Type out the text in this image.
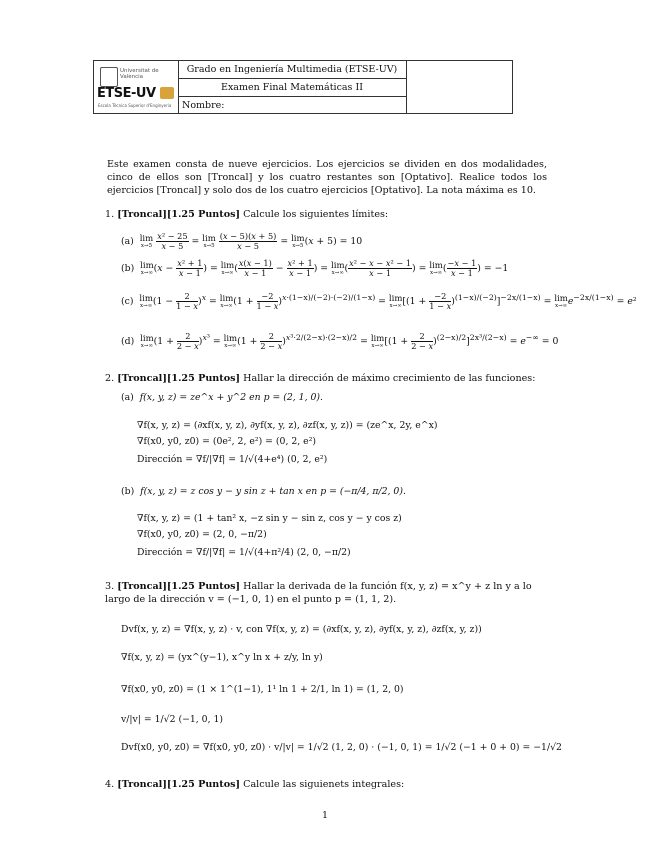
Universitat de València
ETSE-UV
Escola Tècnica Superior d'Enginyeria
Grado en Ingeniería Multimedia (ETSE-UV)
Examen Final Matemáticas II
Nombre:
Este examen consta de nueve ejercicios. Los ejercicios se dividen en dos modalidades, cinco de ellos son [Troncal] y los cuatro restantes son [Optativo]. Realice todos los ejercicios [Troncal] y solo dos de los cuatro ejercicios [Optativo]. La nota máxima es 10.
1. [Troncal][1.25 Puntos] Calcule los siguientes límites:
(a) lim
x→5
$\frac{\text{x² − 25}}{x - 5} = \lim$
x→5
$\frac{(x - 5)(x + 5)}{x - 5} = \lim$
x→5 (x + 5) = 10
(b) lim
x→∞ ($x - \frac{\text{x² + 1}}{x - 1}$ ) = lim
x→∞ ( $\frac{x(x - 1)}{x - 1} - \frac{\text{x² + 1}}{x - 1}$ ) = lim
x→∞ ( $\frac{\text{x² − x − x² − 1}}{x - 1}$ ) = lim
x→∞ ( $\frac{-x - 1}{x - 1}$ ) = −1
(c) lim
x→∞ $(1 - \frac{2}{1 - x} )^x = \lim$
x→∞ $(1 + \frac{-2}{1 - x} )^{x\cdot(1-x)/(-2)\cdot(-2)/(1-x)} = \lim$
x→∞ $[(1 + \frac{-2}{1 - x} )^{(1-x)/(-2)}]^{-2x/(1-x)} = \lim$
x→∞ $e^{-2x/(1-x)} = e^2$
(d) lim
x→∞ $(1 + \frac{2}{2 - x} )^{x^3} = \lim$
x→∞ $(1 + \frac{2}{2 - x} )^{x^3\cdot 2/(2-x)\cdot(2-x)/2} = \lim$
x→∞ $[(1 + \frac{2}{2 - x} )^{(2-x)/2}]^{2x^3/(2-x)} = e^{-\infty} = 0$
2. [Troncal][1.25 Puntos] Hallar la dirección de máximo crecimiento de las funciones:
(a) f(x, y, z) = ze^x + y^2 en p = (2, 1, 0).
∇f(x, y, z) = (∂xf(x, y, z), ∂yf(x, y, z), ∂zf(x, y, z)) = (ze^x, 2y, e^x)
∇f(x0, y0, z0) = (0e², 2, e²) = (0, 2, e²)
Dirección = ∇f/|∇f| = 1/√(4+e⁴) (0, 2, e²)
(b) f(x, y, z) = z cos y − y sin z + tan x en p = (−π/4, π/2, 0).
∇f(x, y, z) = (1 + tan² x, −z sin y − sin z, cos y − y cos z)
∇f(x0, y0, z0) = (2, 0, −π/2)
Dirección = ∇f/|∇f| = 1/√(4+π²/4) (2, 0, −π/2)
3. [Troncal][1.25 Puntos] Hallar la derivada de la función f(x, y, z) = x^y + z ln y a lo largo de la dirección v = (−1, 0, 1) en el punto p = (1, 1, 2).
Dvf(x, y, z) = ∇f(x, y, z) · v, con ∇f(x, y, z) = (∂xf(x, y, z), ∂yf(x, y, z), ∂zf(x, y, z))
∇f(x, y, z) = (yx^(y−1), x^y ln x + z/y, ln y)
∇f(x0, y0, z0) = (1 × 1^(1−1), 1¹ ln 1 + 2/1, ln 1) = (1, 2, 0)
v/|v| = 1/√2 (−1, 0, 1)
Dvf(x0, y0, z0) = ∇f(x0, y0, z0) · v/|v| = 1/√2 (1, 2, 0) · (−1, 0, 1) = 1/√2 (−1 + 0 + 0) = −1/√2
4. [Troncal][1.25 Puntos] Calcule las siguienets integrales:
1
